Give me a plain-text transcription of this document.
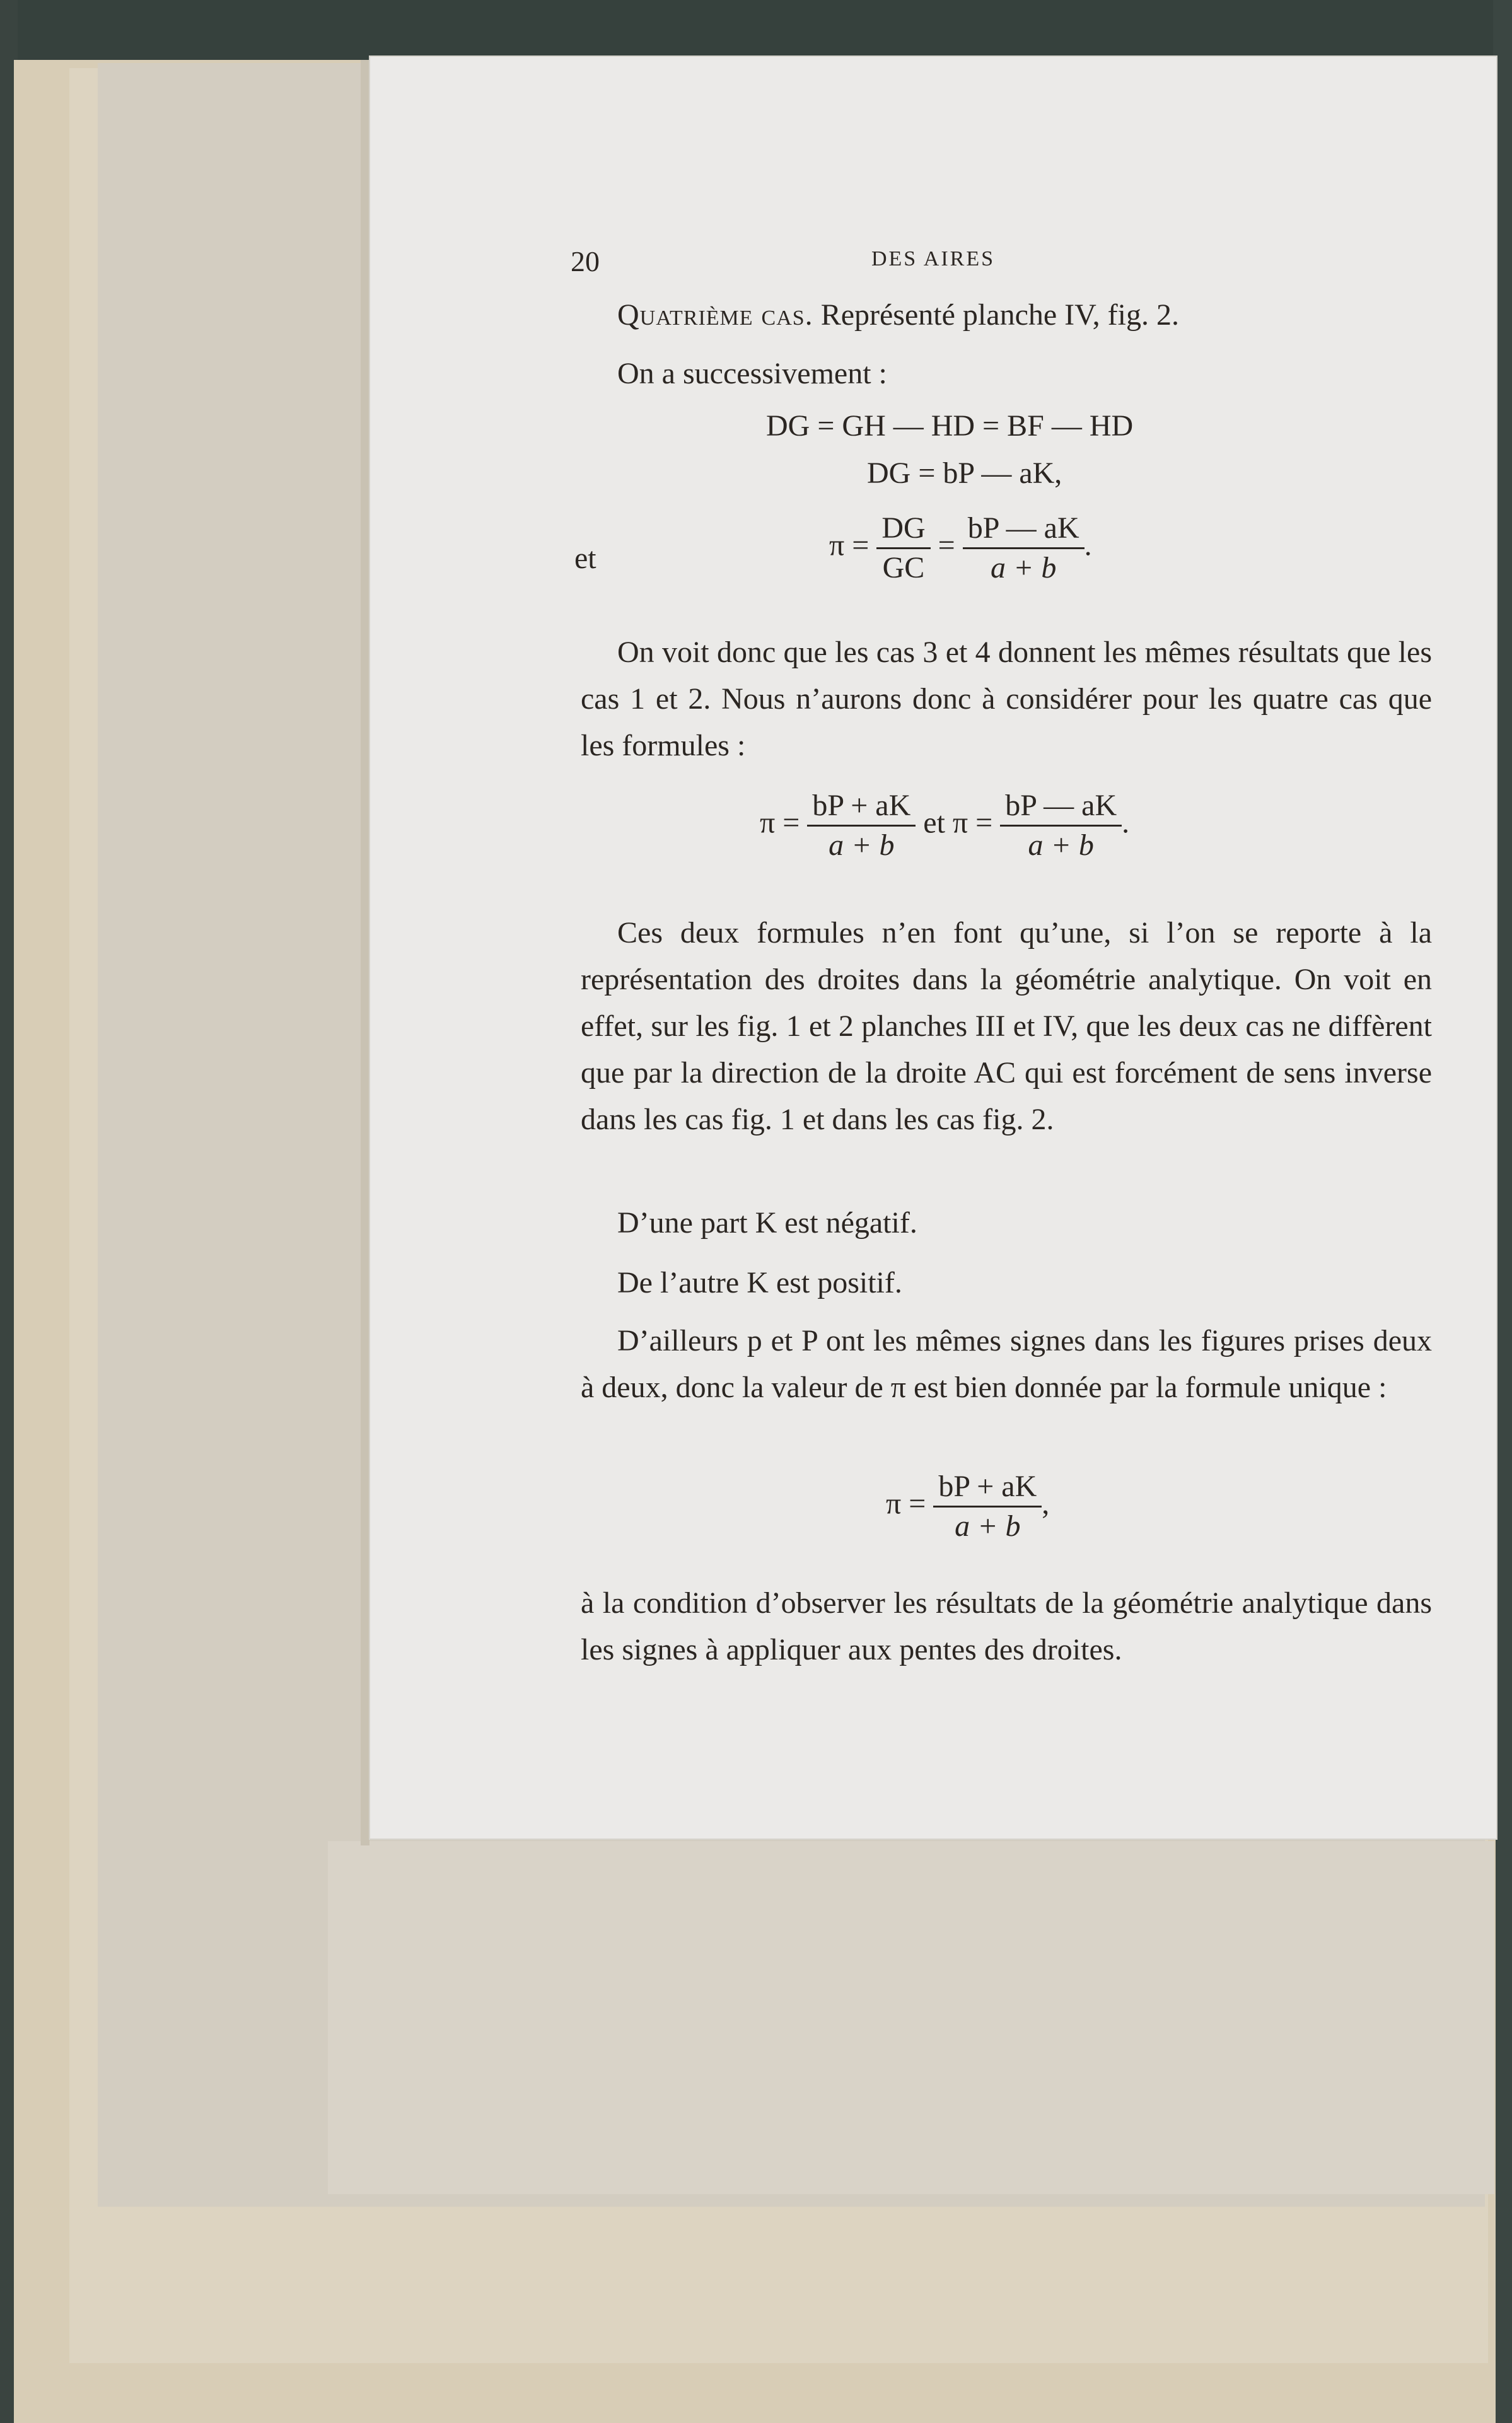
20	DES AIRES

Quatrième cas. Représenté planche IV, fig. 2.

On a successivement :

DG = GH — HD = BF — HD
DG = bP — aK,
et	$\pi = \frac{DG}{GC} = \frac{bP — aK}{a + b}$ .

On voit donc que les cas 3 et 4 donnent les mêmes résultats que les cas 1 et 2. Nous n’aurons donc à considérer pour les quatre cas que les formules :

$\pi = \frac{bP + aK}{a + b}$ et $\pi = \frac{bP — aK}{a + b}$ .

Ces deux formules n’en font qu’une, si l’on se reporte à la représentation des droites dans la géométrie analytique. On voit en effet, sur les fig. 1 et 2 planches III et IV, que les deux cas ne diffèrent que par la direction de la droite AC qui est forcément de sens inverse dans les cas fig. 1 et dans les cas fig. 2.

D’une part K est négatif.

De l’autre K est positif.

D’ailleurs p et P ont les mêmes signes dans les figures prises deux à deux, donc la valeur de π est bien donnée par la formule unique :

$\pi = \frac{bP + aK}{a + b}$ ,

à la condition d’observer les résultats de la géométrie analytique dans les signes à appliquer aux pentes des droites.
